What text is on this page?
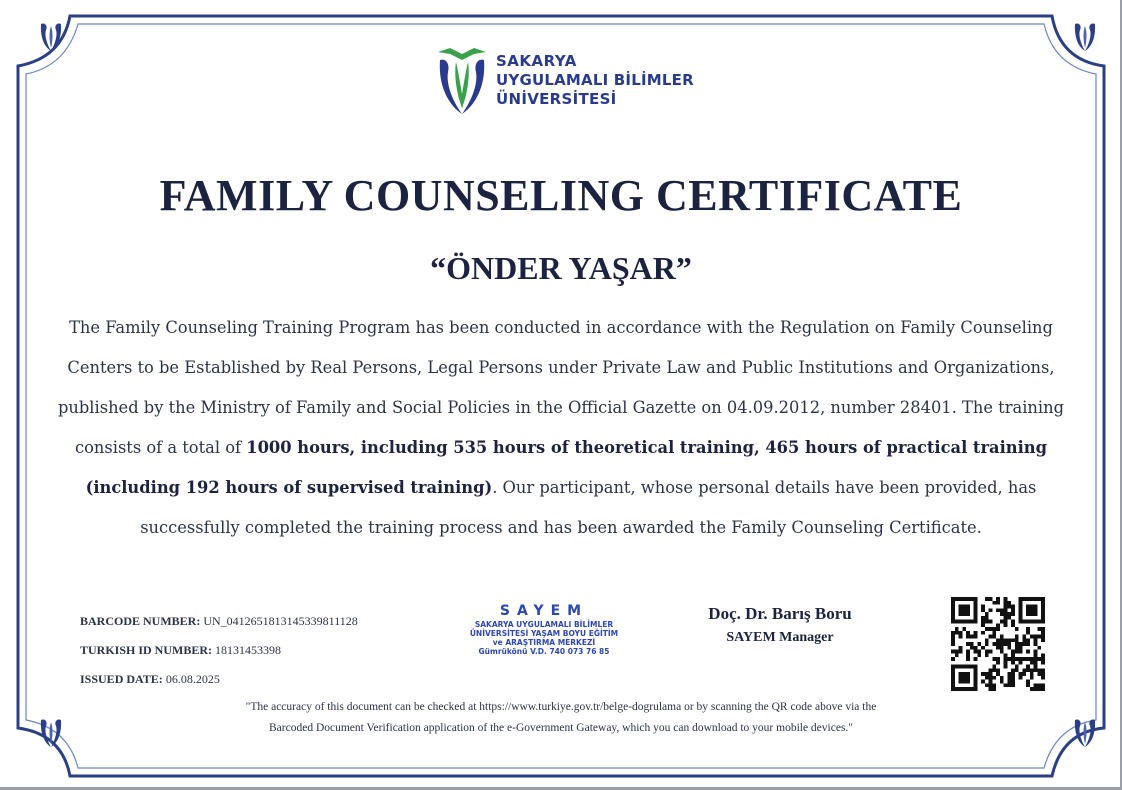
SAKARYA
UYGULAMALI BİLİMLER
ÜNİVERSİTESİ
FAMILY COUNSELING CERTIFICATE
“ÖNDER YAŞAR”
The Family Counseling Training Program has been conducted in accordance with the Regulation on Family Counseling Centers to be Established by Real Persons, Legal Persons under Private Law and Public Institutions and Organizations, published by the Ministry of Family and Social Policies in the Official Gazette on 04.09.2012, number 28401. The training consists of a total of 1000 hours, including 535 hours of theoretical training, 465 hours of practical training (including 192 hours of supervised training). Our participant, whose personal details have been provided, has successfully completed the training process and has been awarded the Family Counseling Certificate.
BARCODE NUMBER: UN_0412651813145339811128
TURKISH ID NUMBER: 18131453398
ISSUED DATE: 06.08.2025
SAYEM
SAKARYA UYGULAMALI BİLİMLER
ÜNİVERSİTESİ YAŞAM BOYU EĞİTİM
ve ARAŞTIRMA MERKEZİ
Gümrükönü V.D. 740 073 76 85
Doç. Dr. Barış Boru
SAYEM Manager
"The accuracy of this document can be checked at https://www.turkiye.gov.tr/belge-dogrulama or by scanning the QR code above via the
Barcoded Document Verification application of the e-Government Gateway, which you can download to your mobile devices."
